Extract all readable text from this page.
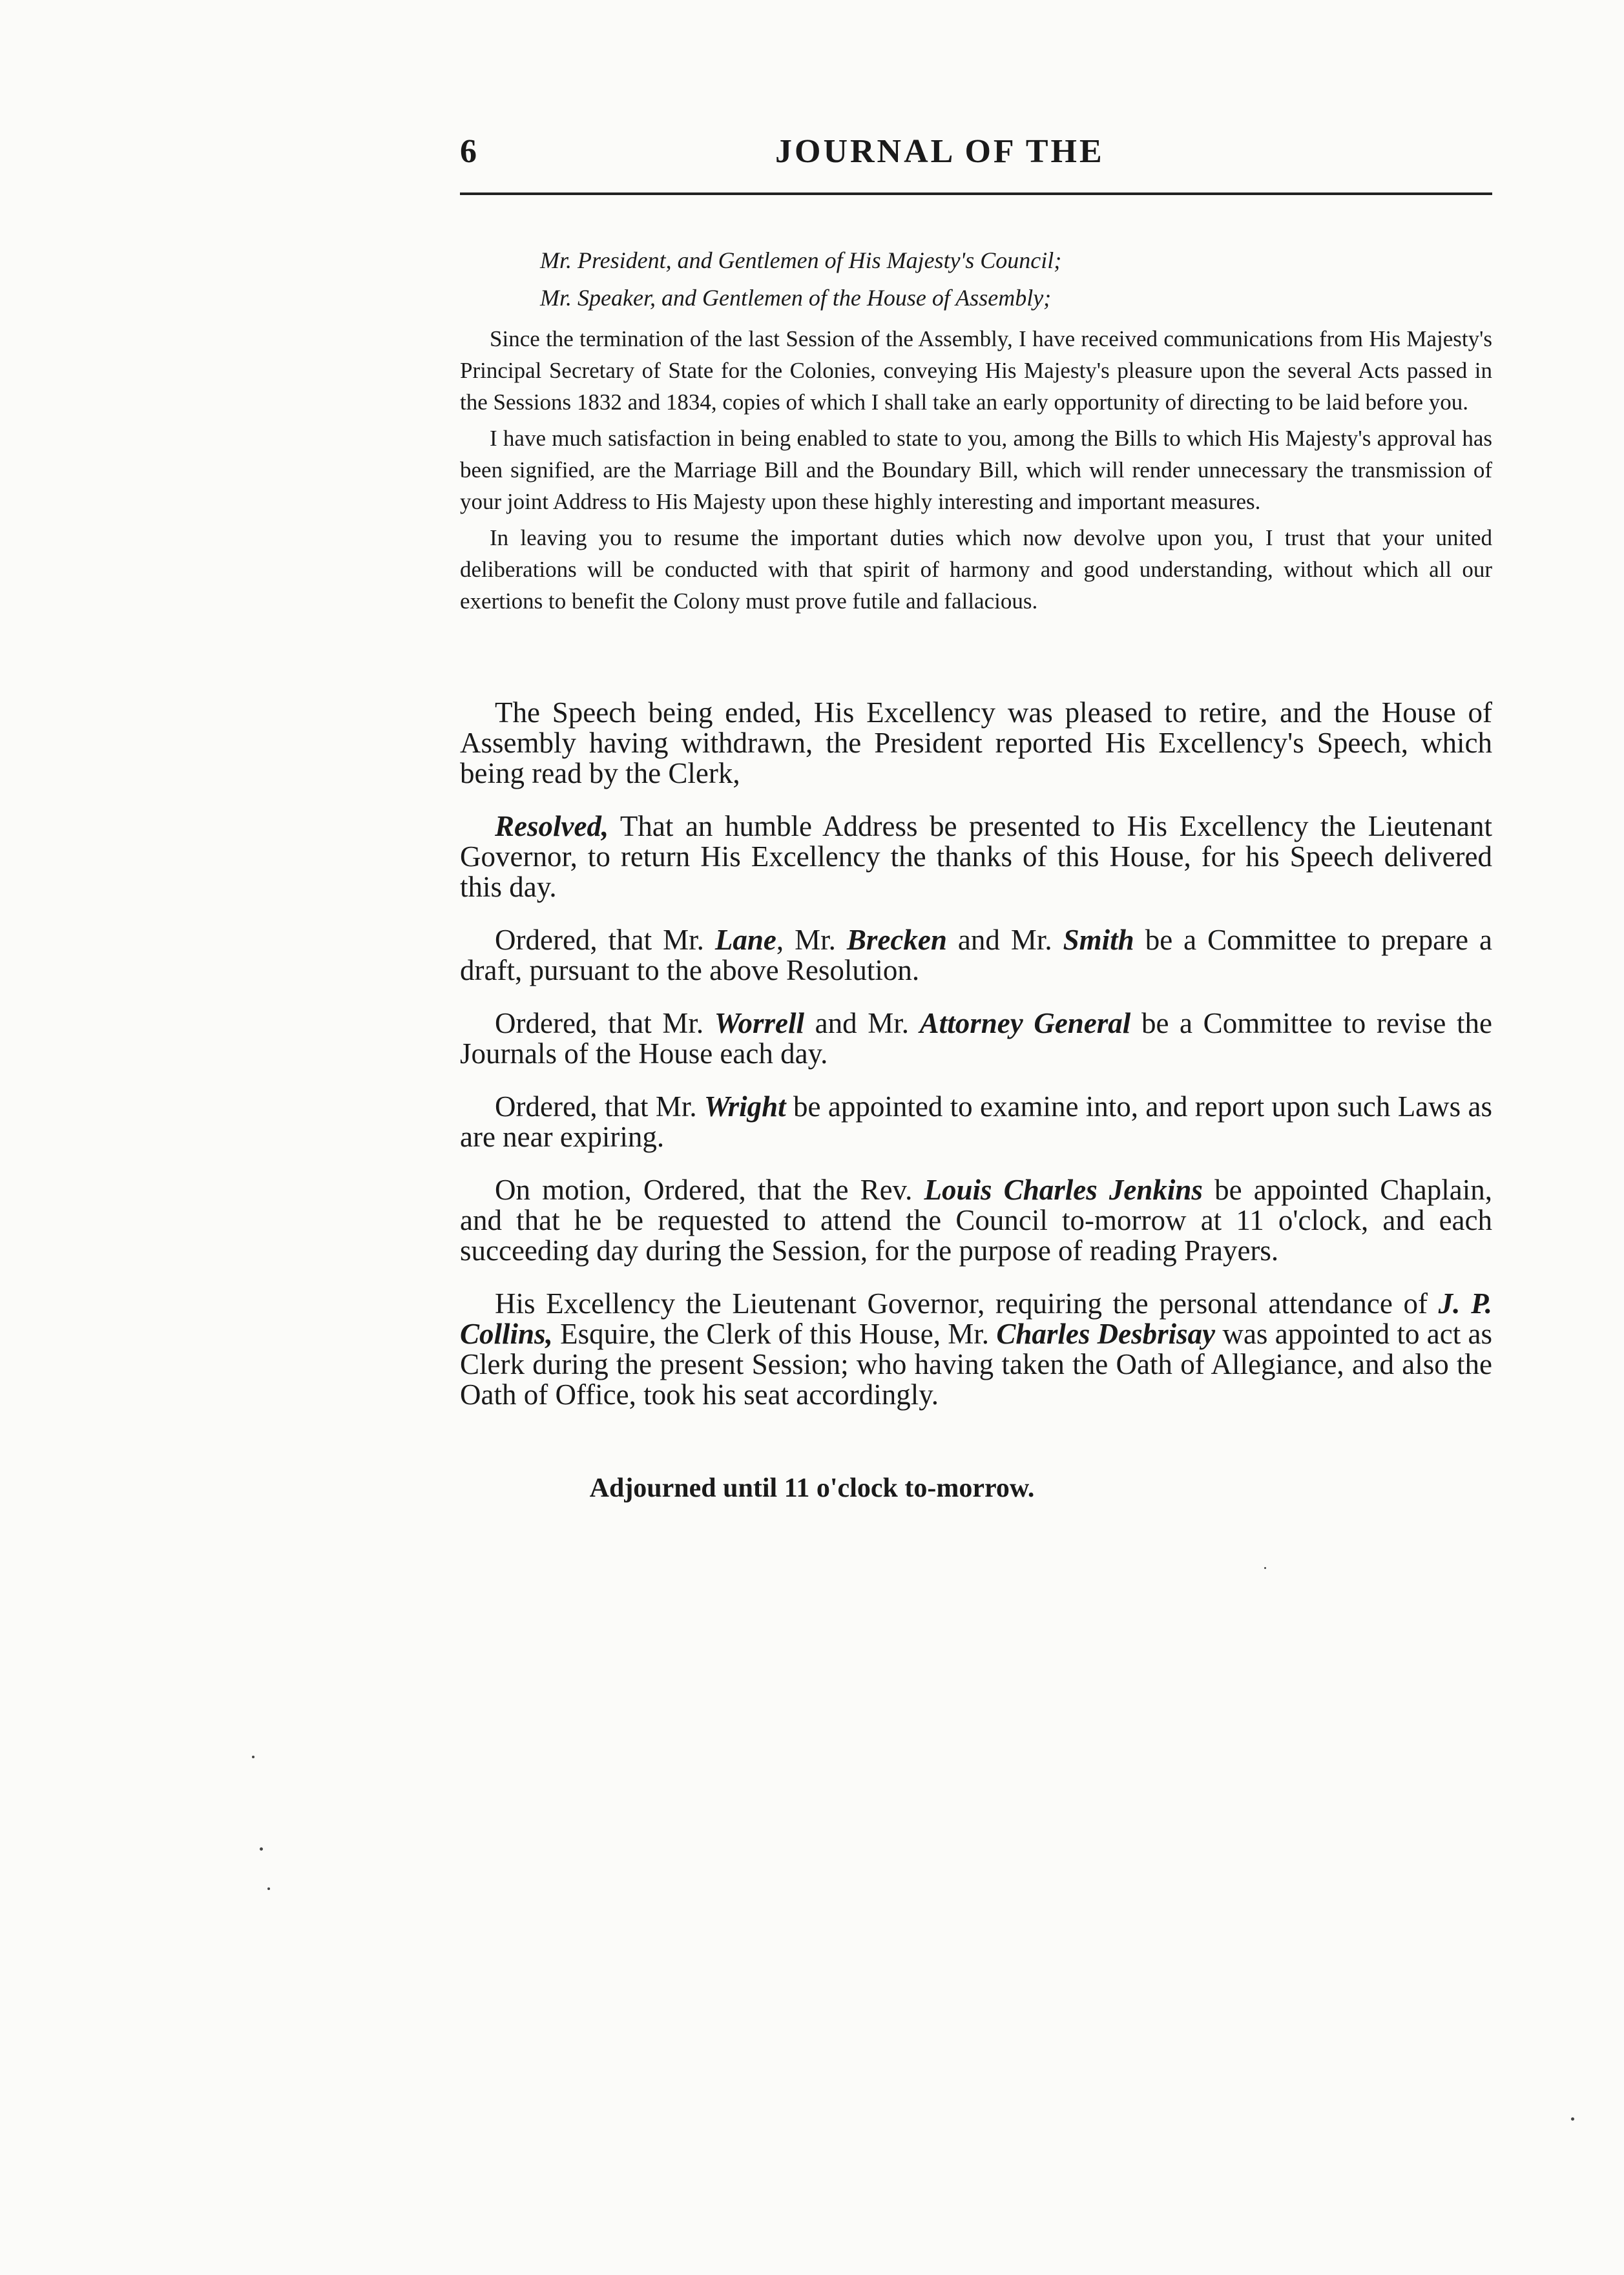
6	JOURNAL OF THE
Mr. President, and Gentlemen of His Majesty's Council;
Mr. Speaker, and Gentlemen of the House of Assembly;

Since the termination of the last Session of the Assembly, I have received communications from His Majesty's Principal Secretary of State for the Colonies, conveying His Majesty's pleasure upon the several Acts passed in the Sessions 1832 and 1834, copies of which I shall take an early opportunity of directing to be laid before you.

I have much satisfaction in being enabled to state to you, among the Bills to which His Majesty's approval has been signified, are the Marriage Bill and the Boundary Bill, which will render unnecessary the transmission of your joint Address to His Majesty upon these highly interesting and important measures.

In leaving you to resume the important duties which now devolve upon you, I trust that your united deliberations will be conducted with that spirit of harmony and good understanding, without which all our exertions to benefit the Colony must prove futile and fallacious.

The Speech being ended, His Excellency was pleased to retire, and the House of Assembly having withdrawn, the President reported His Excellency's Speech, which being read by the Clerk,

Resolved, That an humble Address be presented to His Excellency the Lieutenant Governor, to return His Excellency the thanks of this House, for his Speech delivered this day.

Ordered, that Mr. Lane, Mr. Brecken and Mr. Smith be a Committee to prepare a draft, pursuant to the above Resolution.

Ordered, that Mr. Worrell and Mr. Attorney General be a Committee to revise the Journals of the House each day.

Ordered, that Mr. Wright be appointed to examine into, and report upon such Laws as are near expiring.

On motion, Ordered, that the Rev. Louis Charles Jenkins be appointed Chaplain, and that he be requested to attend the Council to-morrow at 11 o'clock, and each succeeding day during the Session, for the purpose of reading Prayers.

His Excellency the Lieutenant Governor, requiring the personal attendance of J. P. Collins, Esquire, the Clerk of this House, Mr. Charles Desbrisay was appointed to act as Clerk during the present Session; who having taken the Oath of Allegiance, and also the Oath of Office, took his seat accordingly.

Adjourned until 11 o'clock to-morrow.
